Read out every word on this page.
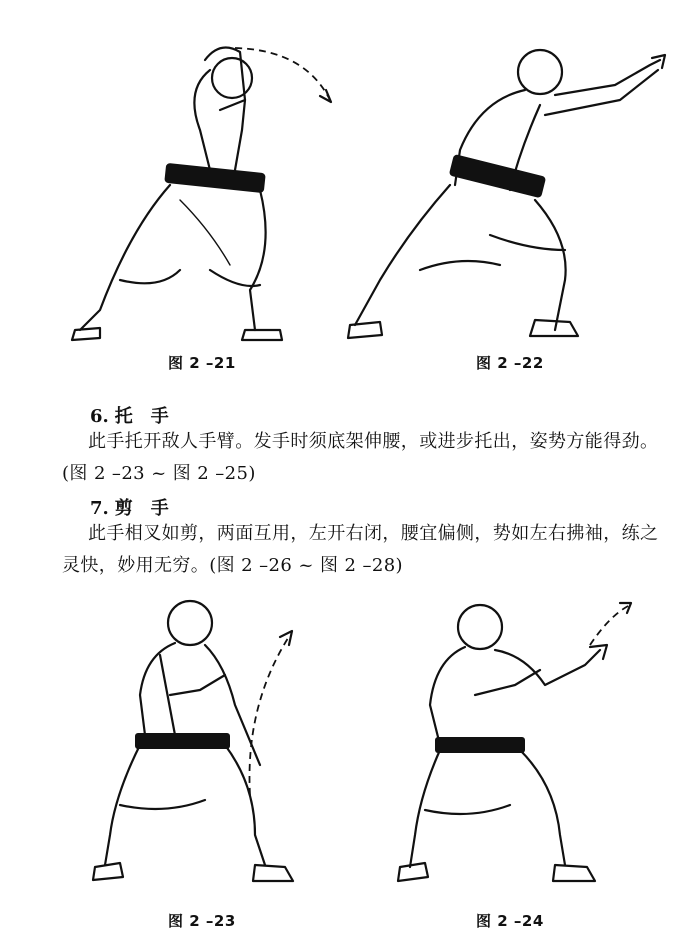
图 2 –21	图 2 –22
6. 托　手
此手托开敌人手臂。发手时须底架伸腰，或进步托出，姿势方能得劲。(图 2 –23 ~ 图 2 –25)
7. 剪　手
此手相叉如剪，两面互用，左开右闭，腰宜偏侧，势如左右拂袖，练之灵快，妙用无穷。(图 2 –26 ~ 图 2 –28)
图 2 –23	图 2 –24
